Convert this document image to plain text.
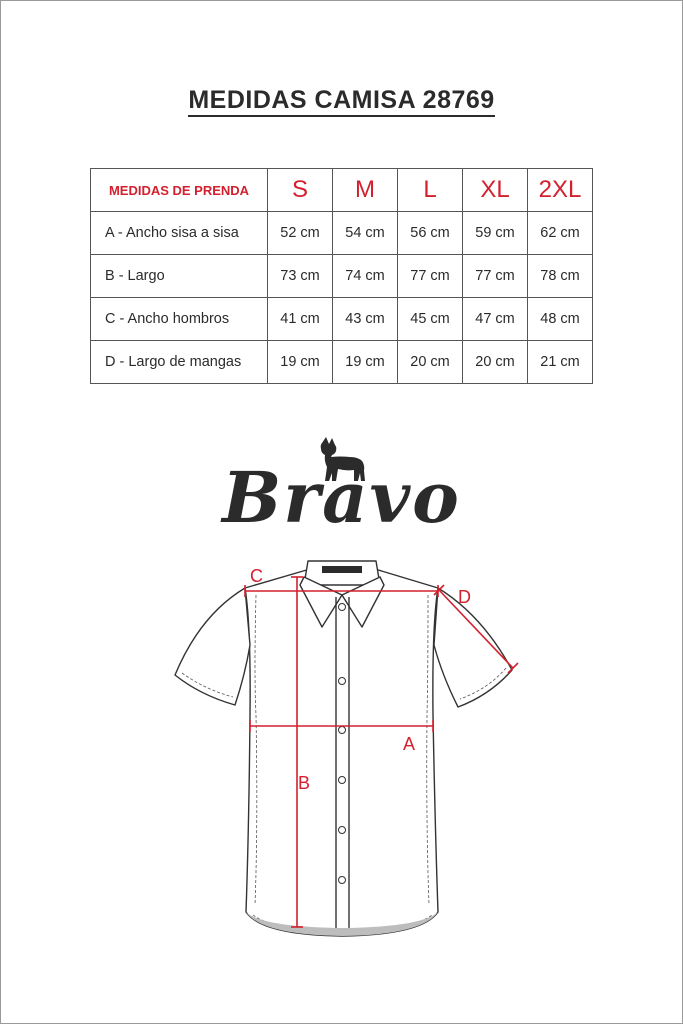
MEDIDAS CAMISA 28769
MEDIDAS DE PRENDA	S	M	L	XL	2XL
A - Ancho sisa a sisa	52 cm	54 cm	56 cm	59 cm	62 cm
B - Largo	73 cm	74 cm	77 cm	77 cm	78 cm
C - Ancho hombros	41 cm	43 cm	45 cm	47 cm	48 cm
D - Largo de mangas	19 cm	19 cm	20 cm	20 cm	21 cm
Bravo
C
D
A
B
